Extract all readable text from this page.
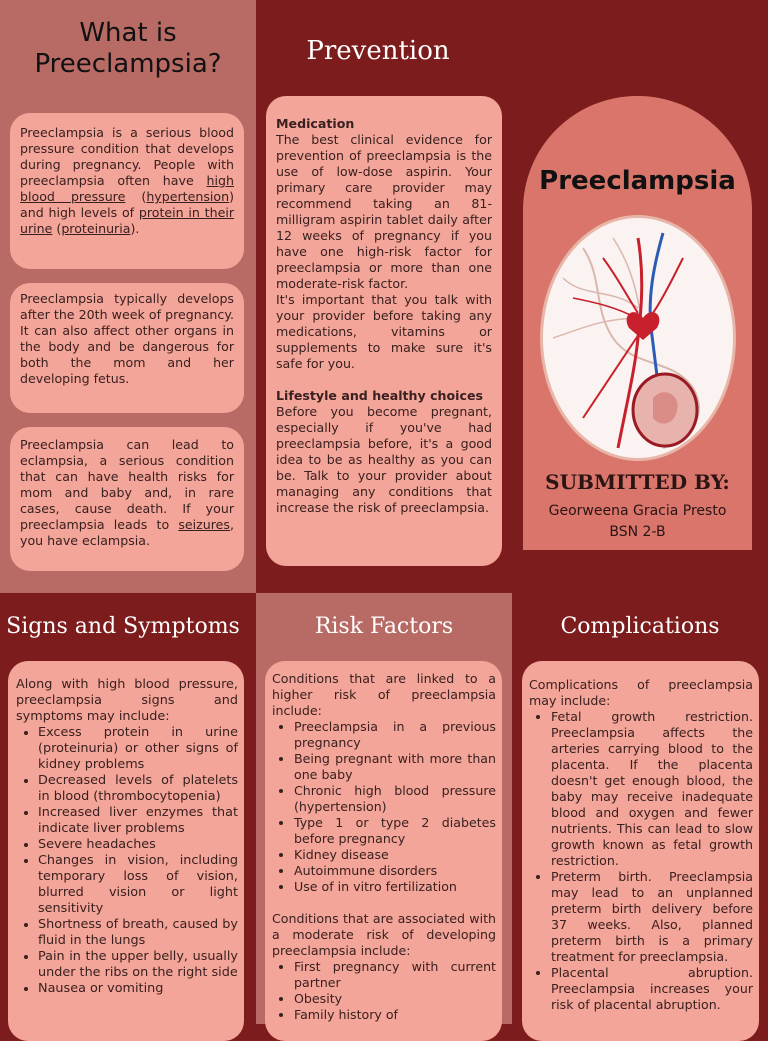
What is Preeclampsia?

Preeclampsia is a serious blood pressure condition that develops during pregnancy. People with preeclampsia often have high blood pressure (hypertension) and high levels of protein in their urine (proteinuria).

Preeclampsia typically develops after the 20th week of pregnancy. It can also affect other organs in the body and be dangerous for both the mom and her developing fetus.

Preeclampsia can lead to eclampsia, a serious condition that can have health risks for mom and baby and, in rare cases, cause death. If your preeclampsia leads to seizures, you have eclampsia.

Prevention
Medication

The best clinical evidence for prevention of preeclampsia is the use of low-dose aspirin. Your primary care provider may recommend taking an 81-milligram aspirin tablet daily after 12 weeks of pregnancy if you have one high-risk factor for preeclampsia or more than one moderate-risk factor.

It's important that you talk with your provider before taking any medications, vitamins or supplements to make sure it's safe for you.

Lifestyle and healthy choices

Before you become pregnant, especially if you've had preeclampsia before, it's a good idea to be as healthy as you can be. Talk to your provider about managing any conditions that increase the risk of preeclampsia.

Preeclampsia
SUBMITTED BY:
Georweena Gracia Presto
BSN 2-B
Signs and Symptoms

Along with high blood pressure, preeclampsia signs and symptoms may include:

• Excess protein in urine (proteinuria) or other signs of kidney problems
• Decreased levels of platelets in blood (thrombocytopenia)
• Increased liver enzymes that indicate liver problems
• Severe headaches
• Changes in vision, including temporary loss of vision, blurred vision or light sensitivity
• Shortness of breath, caused by fluid in the lungs
• Pain in the upper belly, usually under the ribs on the right side
• Nausea or vomiting
Risk Factors

Conditions that are linked to a higher risk of preeclampsia include:

• Preeclampsia in a previous pregnancy
• Being pregnant with more than one baby
• Chronic high blood pressure (hypertension)
• Type 1 or type 2 diabetes before pregnancy
• Kidney disease
• Autoimmune disorders
• Use of in vitro fertilization

Conditions that are associated with a moderate risk of developing preeclampsia include:

• First pregnancy with current partner
• Obesity
• Family history of
Complications

Complications of preeclampsia may include:

• Fetal growth restriction. Preeclampsia affects the arteries carrying blood to the placenta. If the placenta doesn't get enough blood, the baby may receive inadequate blood and oxygen and fewer nutrients. This can lead to slow growth known as fetal growth restriction.
• Preterm birth. Preeclampsia may lead to an unplanned preterm birth delivery before 37 weeks. Also, planned preterm birth is a primary treatment for preeclampsia.
• Placental abruption. Preeclampsia increases your risk of placental abruption.
